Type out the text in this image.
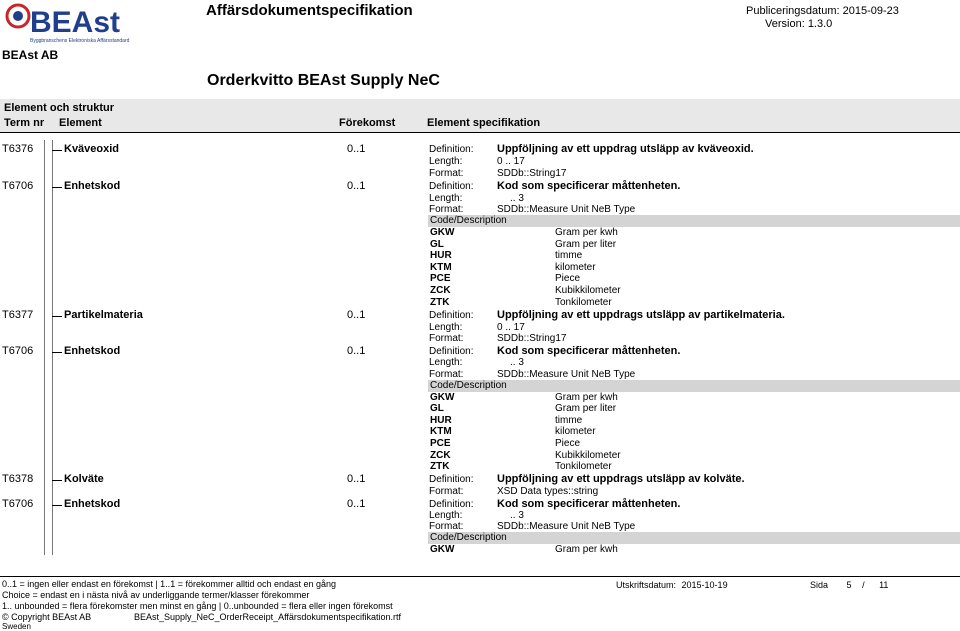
BEAst
Byggbranschens Elektroniska Affärsstandard
BEAst AB
Affärsdokumentspecifikation	Publiceringsdatum: 2015-09-23
Version: 1.3.0
Orderkvitto BEAst Supply NeC
Element och struktur
Term nr Element	Förekomst	Element specifikation
T6376	Kväveoxid	0..1	Definition: Uppföljning av ett uppdrag utsläpp av kväveoxid.
Length:	0 .. 17
Format:	SDDb::String17
T6706	Enhetskod	0..1	Definition: Kod som specificerar måttenheten.
Length:	.. 3
Format:	SDDb::Measure Unit NeB Type
Code/Description
GKW	Gram per kwh
GL	Gram per liter
HUR	timme
KTM	kilometer
PCE	Piece
ZCK	Kubikkilometer
ZTK	Tonkilometer
T6377	Partikelmateria	0..1	Definition: Uppföljning av ett uppdrags utsläpp av partikelmateria.
Length:	0 .. 17
Format:	SDDb::String17
T6706	Enhetskod	0..1	Definition: Kod som specificerar måttenheten.
Length:	.. 3
Format:	SDDb::Measure Unit NeB Type
Code/Description
GKW	Gram per kwh
GL	Gram per liter
HUR	timme
KTM	kilometer
PCE	Piece
ZCK	Kubikkilometer
ZTK	Tonkilometer
T6378	Kolväte	0..1	Definition: Uppföljning av ett uppdrags utsläpp av kolväte.
Format:	XSD Data types::string
T6706	Enhetskod	0..1	Definition: Kod som specificerar måttenheten.
Length:	.. 3
Format:	SDDb::Measure Unit NeB Type
Code/Description
GKW	Gram per kwh
0..1 = ingen eller endast en förekomst | 1..1 = förekommer alltid och endast en gång
Choice = endast en i nästa nivå av underliggande termer/klasser förekommer
1.. unbounded = flera förekomster men minst en gång | 0..unbounded = flera eller ingen förekomst
© Copyright BEAst AB
Sweden
BEAst_Supply_NeC_OrderReceipt_Affärsdokumentspecifikation.rtf
Utskriftsdatum: 2015-10-19	Sida 5 / 11
